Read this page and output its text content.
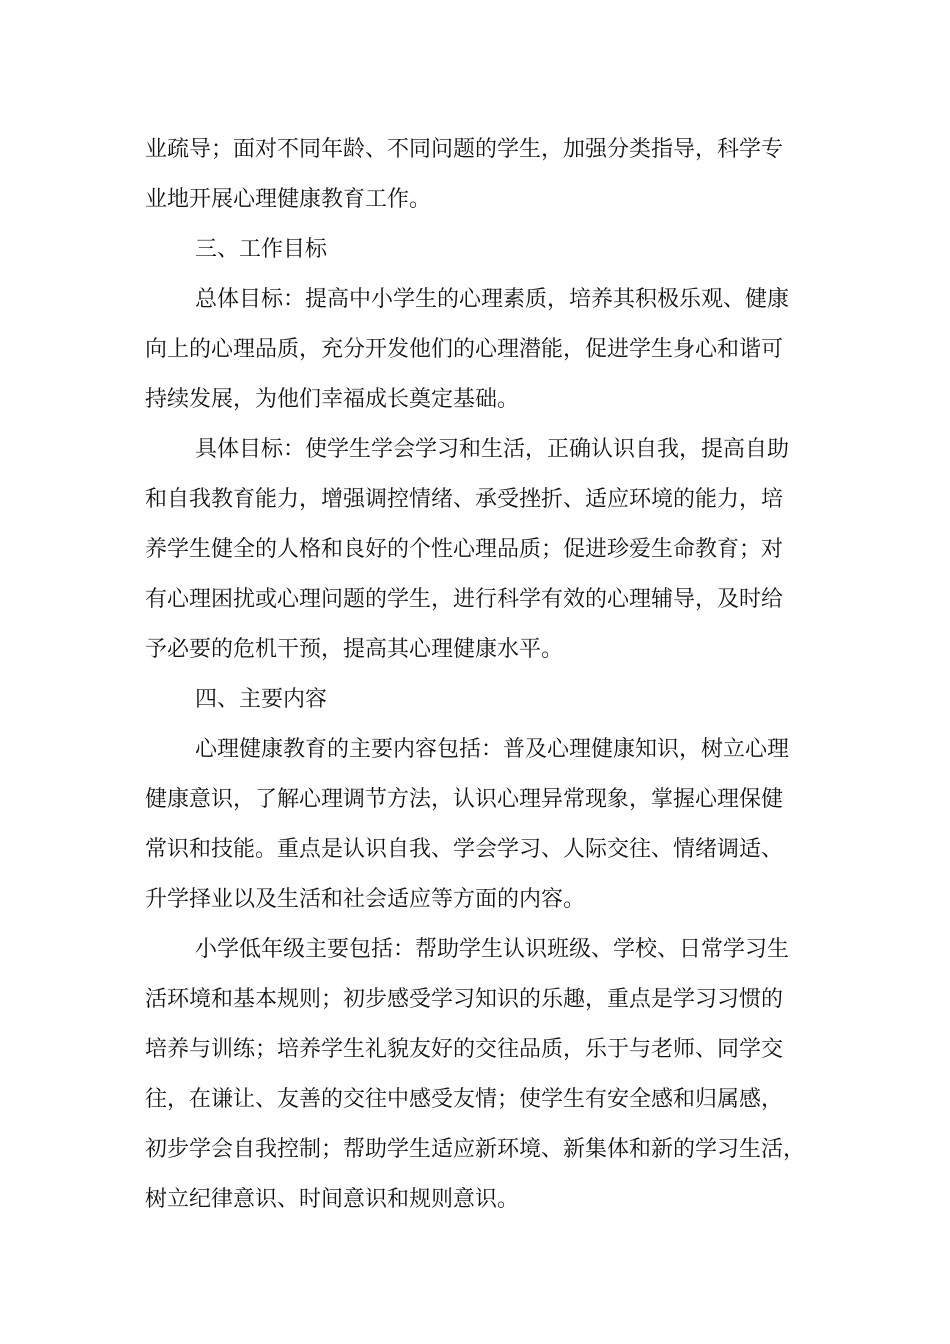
业疏导；面对不同年龄、不同问题的学生，加强分类指导，科学专
业地开展心理健康教育工作。
三、工作目标
总体目标：提高中小学生的心理素质，培养其积极乐观、健康
向上的心理品质，充分开发他们的心理潜能，促进学生身心和谐可
持续发展，为他们幸福成长奠定基础。
具体目标：使学生学会学习和生活，正确认识自我，提高自助
和自我教育能力，增强调控情绪、承受挫折、适应环境的能力，培
养学生健全的人格和良好的个性心理品质；促进珍爱生命教育；对
有心理困扰或心理问题的学生，进行科学有效的心理辅导，及时给
予必要的危机干预，提高其心理健康水平。
四、主要内容
心理健康教育的主要内容包括：普及心理健康知识，树立心理
健康意识，了解心理调节方法，认识心理异常现象，掌握心理保健
常识和技能。重点是认识自我、学会学习、人际交往、情绪调适、
升学择业以及生活和社会适应等方面的内容。
小学低年级主要包括：帮助学生认识班级、学校、日常学习生
活环境和基本规则；初步感受学习知识的乐趣，重点是学习习惯的
培养与训练；培养学生礼貌友好的交往品质，乐于与老师、同学交
往，在谦让、友善的交往中感受友情；使学生有安全感和归属感，
初步学会自我控制；帮助学生适应新环境、新集体和新的学习生活，
树立纪律意识、时间意识和规则意识。
